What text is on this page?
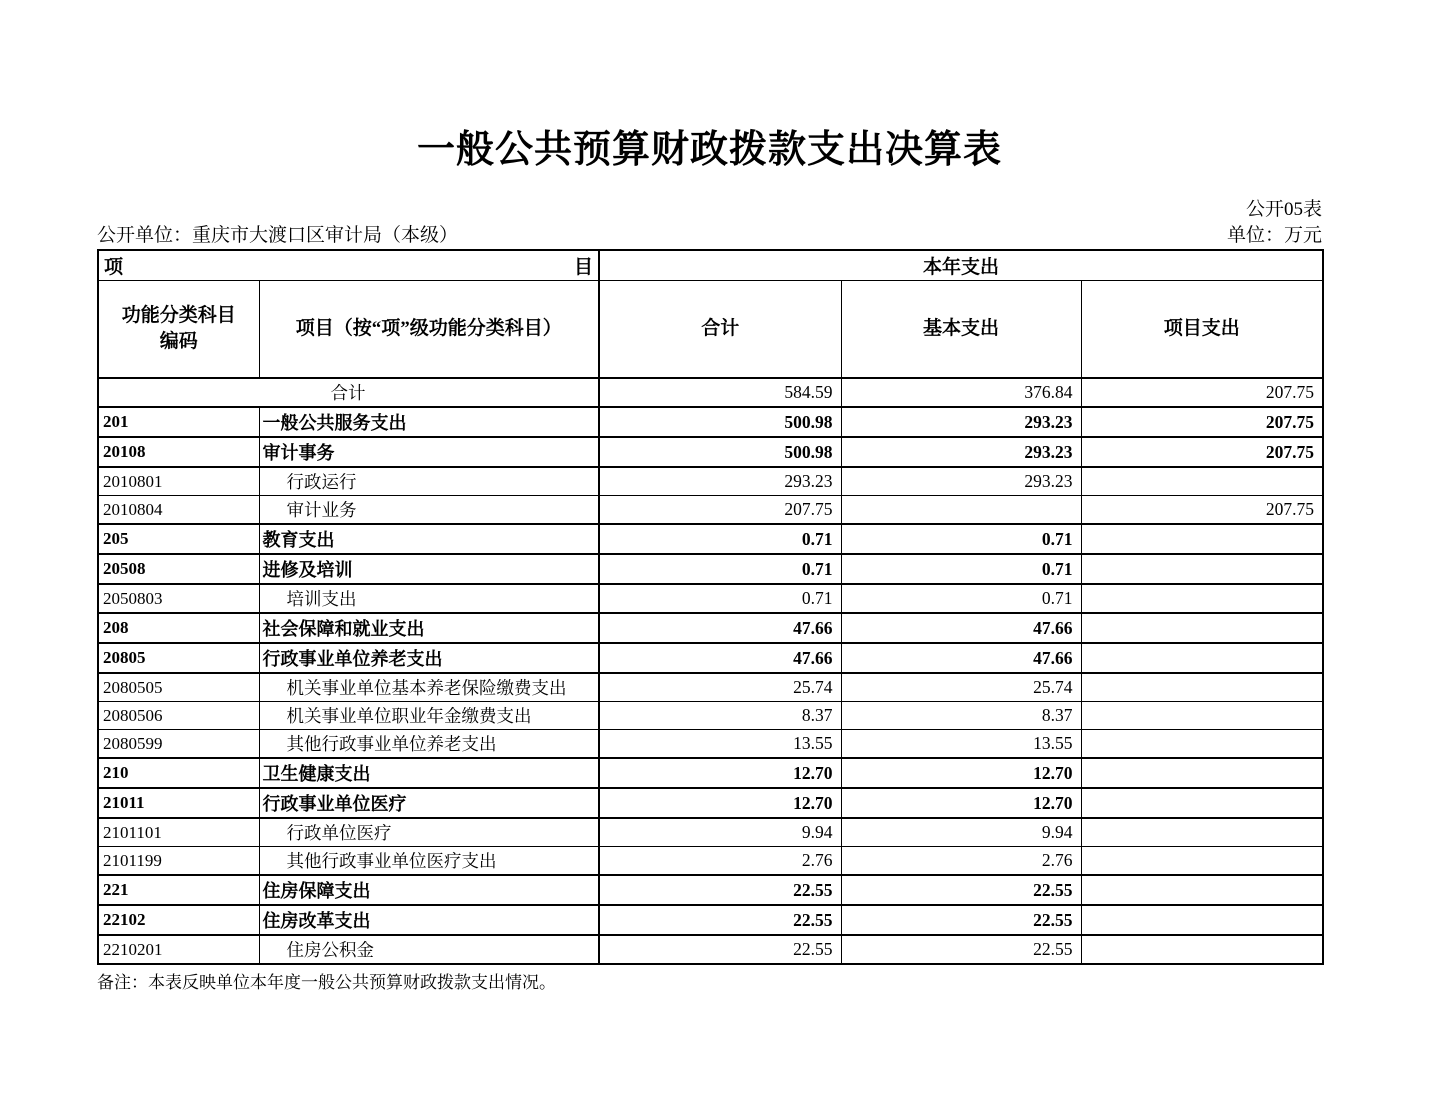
一般公共预算财政拨款支出决算表
公开05表
公开单位：重庆市大渡口区审计局（本级）	单位：万元
项 目		本年支出		
功能分类科目编码	项目（按“项”级功能分类科目）	合计	基本支出	项目支出
合计		584.59	376.84	207.75
201	一般公共服务支出	500.98	293.23	207.75
20108	审计事务	500.98	293.23	207.75
2010801	行政运行	293.23	293.23	
2010804	审计业务	207.75		207.75
205	教育支出	0.71	0.71	
20508	进修及培训	0.71	0.71	
2050803	培训支出	0.71	0.71	
208	社会保障和就业支出	47.66	47.66	
20805	行政事业单位养老支出	47.66	47.66	
2080505	机关事业单位基本养老保险缴费支出	25.74	25.74	
2080506	机关事业单位职业年金缴费支出	8.37	8.37	
2080599	其他行政事业单位养老支出	13.55	13.55	
210	卫生健康支出	12.70	12.70	
21011	行政事业单位医疗	12.70	12.70	
2101101	行政单位医疗	9.94	9.94	
2101199	其他行政事业单位医疗支出	2.76	2.76	
221	住房保障支出	22.55	22.55	
22102	住房改革支出	22.55	22.55	
2210201	住房公积金	22.55	22.55	
备注：本表反映单位本年度一般公共预算财政拨款支出情况。
